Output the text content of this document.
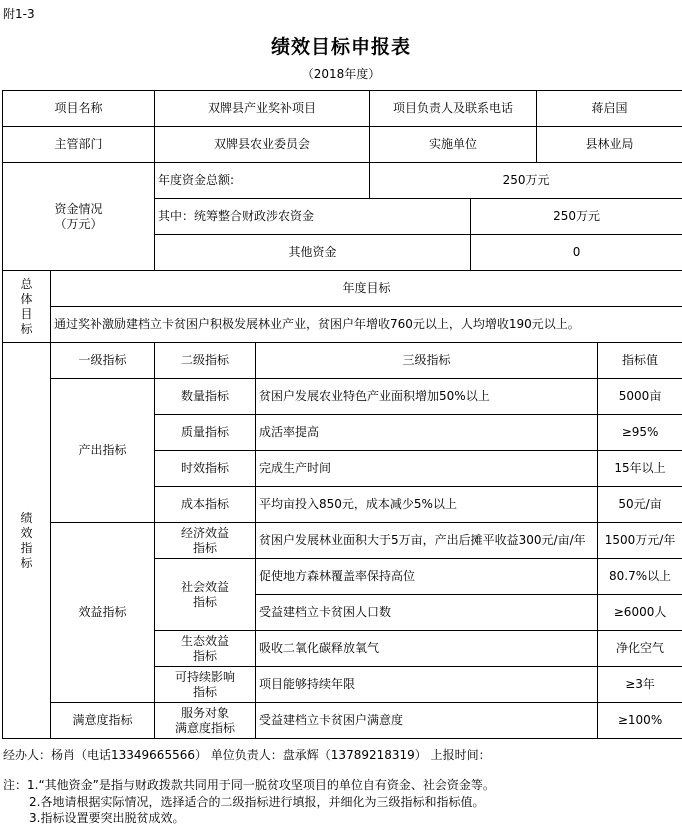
附1-3
绩效目标申报表
（2018年度）
项目名称		双牌县产业奖补项目		项目负责人及联系电话		蒋启国	
主管部门		双牌县农业委员会		实施单位		县林业局	

资金情况
（万元）		年度资金总额:		250万元			
		其中：统筹整合财政涉农资金			250万元		
		其他资金			0		

总
体
目
标	年度目标						
	通过奖补激励建档立卡贫困户积极发展林业产业，贫困户年增收760元以上，人均增收190元以上。						

绩
效
指
标	一级指标	二级指标	三级指标				指标值
	产出指标	数量指标	贫困户发展农业特色产业面积增加50%以上				5000亩
		质量指标	成活率提高				≥95%
		时效指标	完成生产时间				15年以上
		成本指标	平均亩投入850元，成本减少5%以上				50元/亩
	效益指标	经济效益
指标	贫困户发展林业面积大于5万亩，产出后摊平收益300元/亩/年				1500万元/年

		社会效益
指标	促使地方森林覆盖率保持高位				80.7%以上
			受益建档立卡贫困人口数				≥6000人

		生态效益
指标	吸收二氧化碳释放氧气				净化空气

		可持续影响
指标	项目能够持续年限				≥3年
	满意度指标	服务对象
满意度指标	受益建档立卡贫困户满意度				≥100%
经办人：杨肖（电话13349665566） 单位负责人：盘承辉（13789218319） 上报时间：
注：1.“其他资金”是指与财政拨款共同用于同一脱贫攻坚项目的单位自有资金、社会资金等。
2.各地请根据实际情况，选择适合的二级指标进行填报，并细化为三级指标和指标值。
3.指标设置要突出脱贫成效。
